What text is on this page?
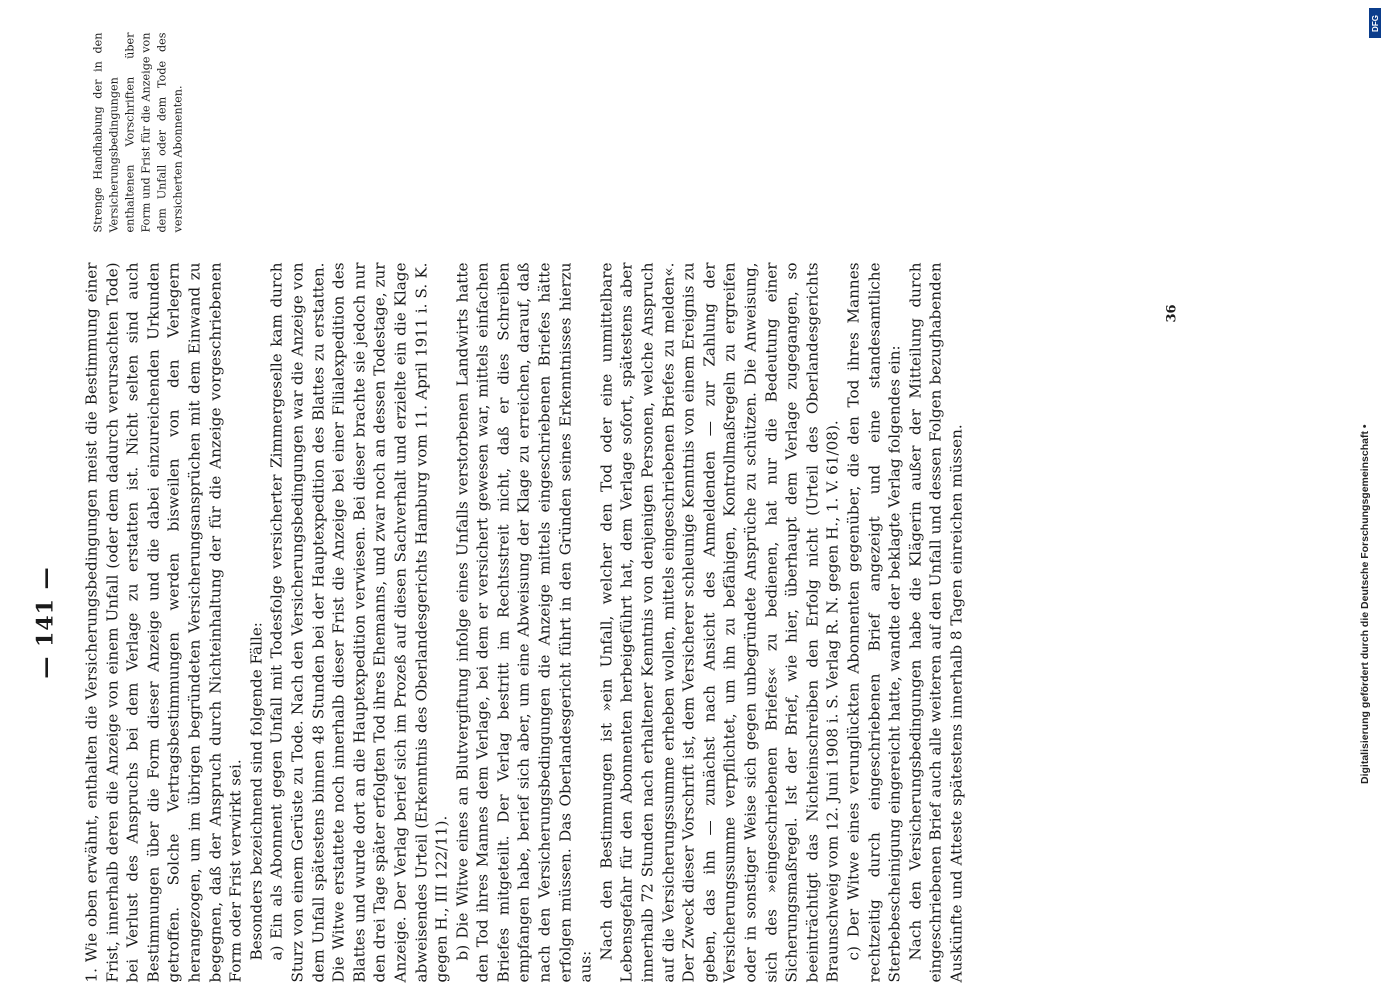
— 141 — 1. Wie oben erwähnt, enthalten die Versicherungsbedingungen meist die Bestimmung einer Frist, innerhalb deren die Anzeige von einem Unfall (oder dem dadurch verursachten Tode) bei Verlust des Anspruchs bei dem Verlage zu erstatten ist. Nicht selten sind auch Bestimmungen über die Form dieser Anzeige und die dabei einzureichenden Urkunden getroffen. Solche Vertragsbestimmungen werden bisweilen von den Verlegern herangezogen, um im übrigen begründeten Versicherungsansprüchen mit dem Einwand zu begegnen, daß der Anspruch durch Nichteinhaltung der für die Anzeige vorgeschriebenen Form oder Frist verwirkt sei. Besonders bezeichnend sind folgende Fälle: a) Ein als Abonnent gegen Unfall mit Todesfolge versicherter Zimmergeselle kam durch Sturz von einem Gerüste zu Tode. Nach den Versicherungsbedingungen war die Anzeige von dem Unfall spätestens binnen 48 Stunden bei der Hauptexpedition des Blattes zu erstatten. Die Witwe erstattete noch innerhalb dieser Frist die Anzeige bei einer Filialexpedition des Blattes und wurde dort an die Hauptexpedition verwiesen. Bei dieser brachte sie jedoch nur den drei Tage später erfolgten Tod ihres Ehemanns, und zwar noch an dessen Todestage, zur Anzeige. Der Verlag berief sich im Prozeß auf diesen Sachverhalt und erzielte ein die Klage abweisendes Urteil (Erkenntnis des Oberlandesgerichts Hamburg vom 11. April 1911 i. S. K. gegen H., III 122/11). b) Die Witwe eines an Blutvergiftung infolge eines Unfalls verstorbenen Landwirts hatte den Tod ihres Mannes dem Verlage, bei dem er versichert gewesen war, mittels einfachen Briefes mitgeteilt. Der Verlag bestritt im Rechtsstreit nicht, daß er dies Schreiben empfangen habe, berief sich aber, um eine Abweisung der Klage zu erreichen, darauf, daß nach den Versicherungsbedingungen die Anzeige mittels eingeschriebenen Briefes hätte erfolgen müssen. Das Oberlandesgericht führt in den Gründen seines Erkenntnisses hierzu aus:

Nach den Bestimmungen ist »ein Unfall, welcher den Tod oder eine unmittelbare Lebensgefahr für den Abonnenten herbeigeführt hat, dem Verlage sofort, spätestens aber innerhalb 72 Stunden nach erhaltener Kenntnis von denjenigen Personen, welche Anspruch auf die Versicherungssumme erheben wollen, mittels eingeschriebenen Briefes zu melden«. Der Zweck dieser Vorschrift ist, dem Versicherer schleunige Kenntnis von einem Ereignis zu geben, das ihn — zunächst nach Ansicht des Anmeldenden — zur Zahlung der Versicherungssumme verpflichtet, um ihn zu befähigen, Kontrollmaßregeln zu ergreifen oder in sonstiger Weise sich gegen unbegründete Ansprüche zu schützen. Die Anweisung, sich des »eingeschriebenen Briefes« zu bedienen, hat nur die Bedeutung einer Sicherungsmaßregel. Ist der Brief, wie hier, überhaupt dem Verlage zugegangen, so beeinträchtigt das Nichteinschreiben den Erfolg nicht (Urteil des Oberlandesgerichts Braunschweig vom 12. Juni 1908 i. S. Verlag R. N. gegen H., 1. V. 61/08). c) Der Witwe eines verunglückten Abonnenten gegenüber, die den Tod ihres Mannes rechtzeitig durch eingeschriebenen Brief angezeigt und eine standesamtliche Sterbebescheinigung eingereicht hatte, wandte der beklagte Verlag folgendes ein: Nach den Versicherungsbedingungen habe die Klägerin außer der Mitteilung durch eingeschriebenen Brief auch alle weiteren auf den Unfall und dessen Folgen bezughabenden Auskünfte und Atteste spätestens innerhalb 8 Tagen einreichen müssen.

Strenge Handhabung der in den Versicherungsbedingungen enthaltenen Vorschriften über Form und Frist für die Anzeige von dem Unfall oder dem Tode des versicherten Abonnenten.
36
Digitalisierung gefördert durch die Deutsche Forschungsgemeinschaft •
DFG
